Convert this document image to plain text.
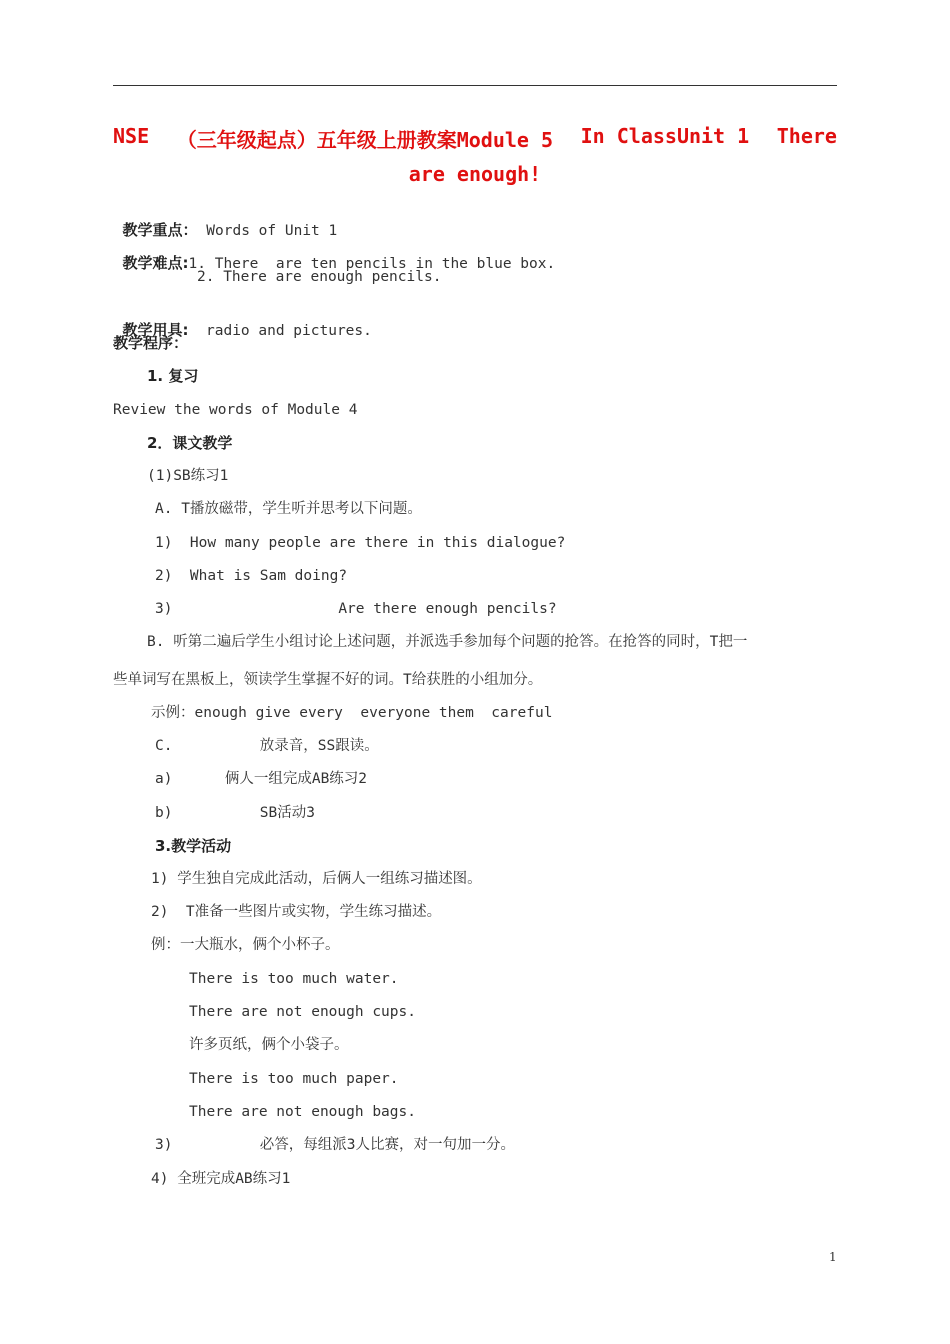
NSE （三年级起点）五年级上册教案Module 5 In ClassUnit 1 There
are enough!

教学重点： Words of Unit 1

教学难点:1. There  are ten pencils in the blue box.

2. There are enough pencils.

教学用具:  radio and pictures.

教学程序：
1. 复习
Review the words of Module 4
2．课文教学
(1)SB练习1
A. T播放磁带，学生听并思考以下问题。
1)  How many people are there in this dialogue?
2)  What is Sam doing?
3)                   Are there enough pencils?
B. 听第二遍后学生小组讨论上述问题，并派选手参加每个问题的抢答。在抢答的同时，T把一
些单词写在黑板上，领读学生掌握不好的词。T给获胜的小组加分。
示例：enough give every  everyone them  careful
C.          放录音，SS跟读。
a)      俩人一组完成AB练习2
b)          SB活动3
3.教学活动
1) 学生独自完成此活动，后俩人一组练习描述图。
2)  T准备一些图片或实物，学生练习描述。
例：一大瓶水，俩个小杯子。
There is too much water.
There are not enough cups.
许多页纸，俩个小袋子。
There is too much paper.
There are not enough bags.
3)          必答，每组派3人比赛，对一句加一分。
4) 全班完成AB练习1
1
